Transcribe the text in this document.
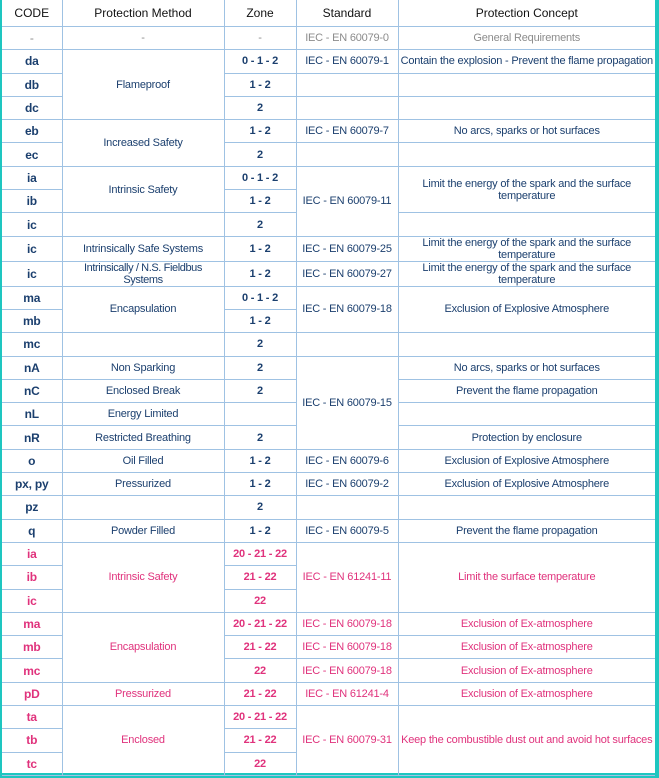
CODE	Protection Method	Zone	Standard	Protection Concept
-	-	-	IEC - EN 60079-0	General Requirements
da	Flameproof	0 - 1 - 2	IEC - EN 60079-1	Contain the explosion - Prevent the flame propagation
db		1 - 2		
dc		2		
eb	Increased Safety	1 - 2	IEC - EN 60079-7	No arcs, sparks or hot surfaces
ec		2		
ia	Intrinsic Safety	0 - 1 - 2	IEC - EN 60079-11	Limit the energy of the spark and the surface temperature
ib		1 - 2		
ic		2		
ic	Intrinsically Safe Systems	1 - 2	IEC - EN 60079-25	Limit the energy of the spark and the surface temperature
ic	Intrinsically / N.S. Fieldbus Systems	1 - 2	IEC - EN 60079-27	Limit the energy of the spark and the surface temperature
ma	Encapsulation	0 - 1 - 2	IEC - EN 60079-18	Exclusion of Explosive Atmosphere
mb		1 - 2		
mc		2		
nA	Non Sparking	2	IEC - EN 60079-15	No arcs, sparks or hot surfaces
nC	Enclosed Break	2		Prevent the flame propagation
nL	Energy Limited			
nR	Restricted Breathing	2		Protection by enclosure
o	Oil Filled	1 - 2	IEC - EN 60079-6	Exclusion of Explosive Atmosphere
px, py	Pressurized	1 - 2	IEC - EN 60079-2	Exclusion of Explosive Atmosphere
pz		2		
q	Powder Filled	1 - 2	IEC - EN 60079-5	Prevent the flame propagation
ia	Intrinsic Safety	20 - 21 - 22	IEC - EN 61241-11	Limit the surface temperature
ib		21 - 22		
ic		22		
ma	Encapsulation	20 - 21 - 22	IEC - EN 60079-18	Exclusion of Ex-atmosphere
mb		21 - 22	IEC - EN 60079-18	Exclusion of Ex-atmosphere
mc		22	IEC - EN 60079-18	Exclusion of Ex-atmosphere
pD	Pressurized	21 - 22	IEC - EN 61241-4	Exclusion of Ex-atmosphere
ta	Enclosed	20 - 21 - 22	IEC - EN 60079-31	Keep the combustible dust out and avoid hot surfaces
tb		21 - 22		
tc		22		
